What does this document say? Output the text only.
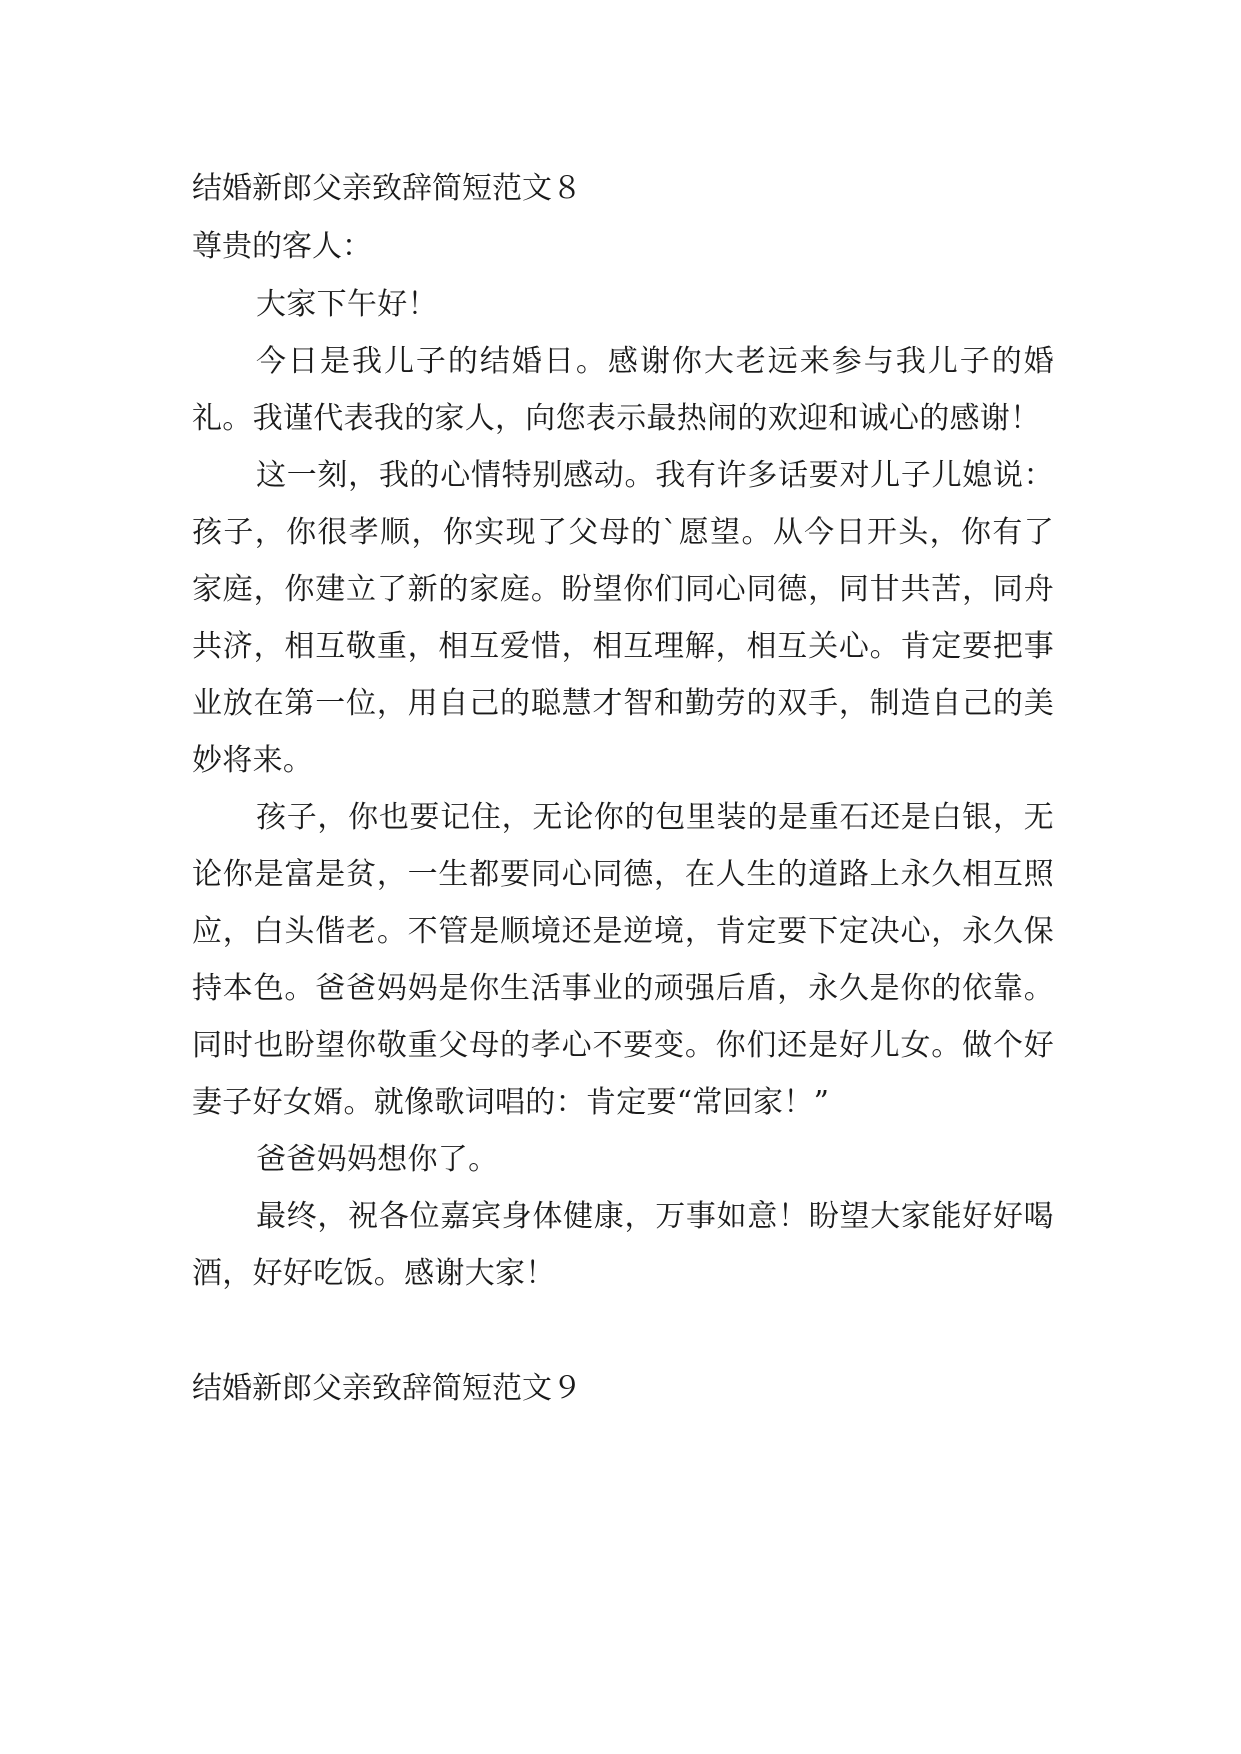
结婚新郎父亲致辞简短范文８

尊贵的客人：

大家下午好！

今日是我儿子的结婚日。感谢你大老远来参与我儿子的婚礼。我谨代表我的家人，向您表示最热闹的欢迎和诚心的感谢！

这一刻，我的心情特别感动。我有许多话要对儿子儿媳说：孩子，你很孝顺，你实现了父母的`愿望。从今日开头，你有了家庭，你建立了新的家庭。盼望你们同心同德，同甘共苦，同舟共济，相互敬重，相互爱惜，相互理解，相互关心。肯定要把事业放在第一位，用自己的聪慧才智和勤劳的双手，制造自己的美妙将来。

孩子，你也要记住，无论你的包里装的是重石还是白银，无论你是富是贫，一生都要同心同德，在人生的道路上永久相互照应，白头偕老。不管是顺境还是逆境，肯定要下定决心，永久保持本色。爸爸妈妈是你生活事业的顽强后盾，永久是你的依靠。同时也盼望你敬重父母的孝心不要变。你们还是好儿女。做个好妻子好女婿。就像歌词唱的：肯定要“常回家！”

爸爸妈妈想你了。

最终，祝各位嘉宾身体健康，万事如意！盼望大家能好好喝酒，好好吃饭。感谢大家！

结婚新郎父亲致辞简短范文９
